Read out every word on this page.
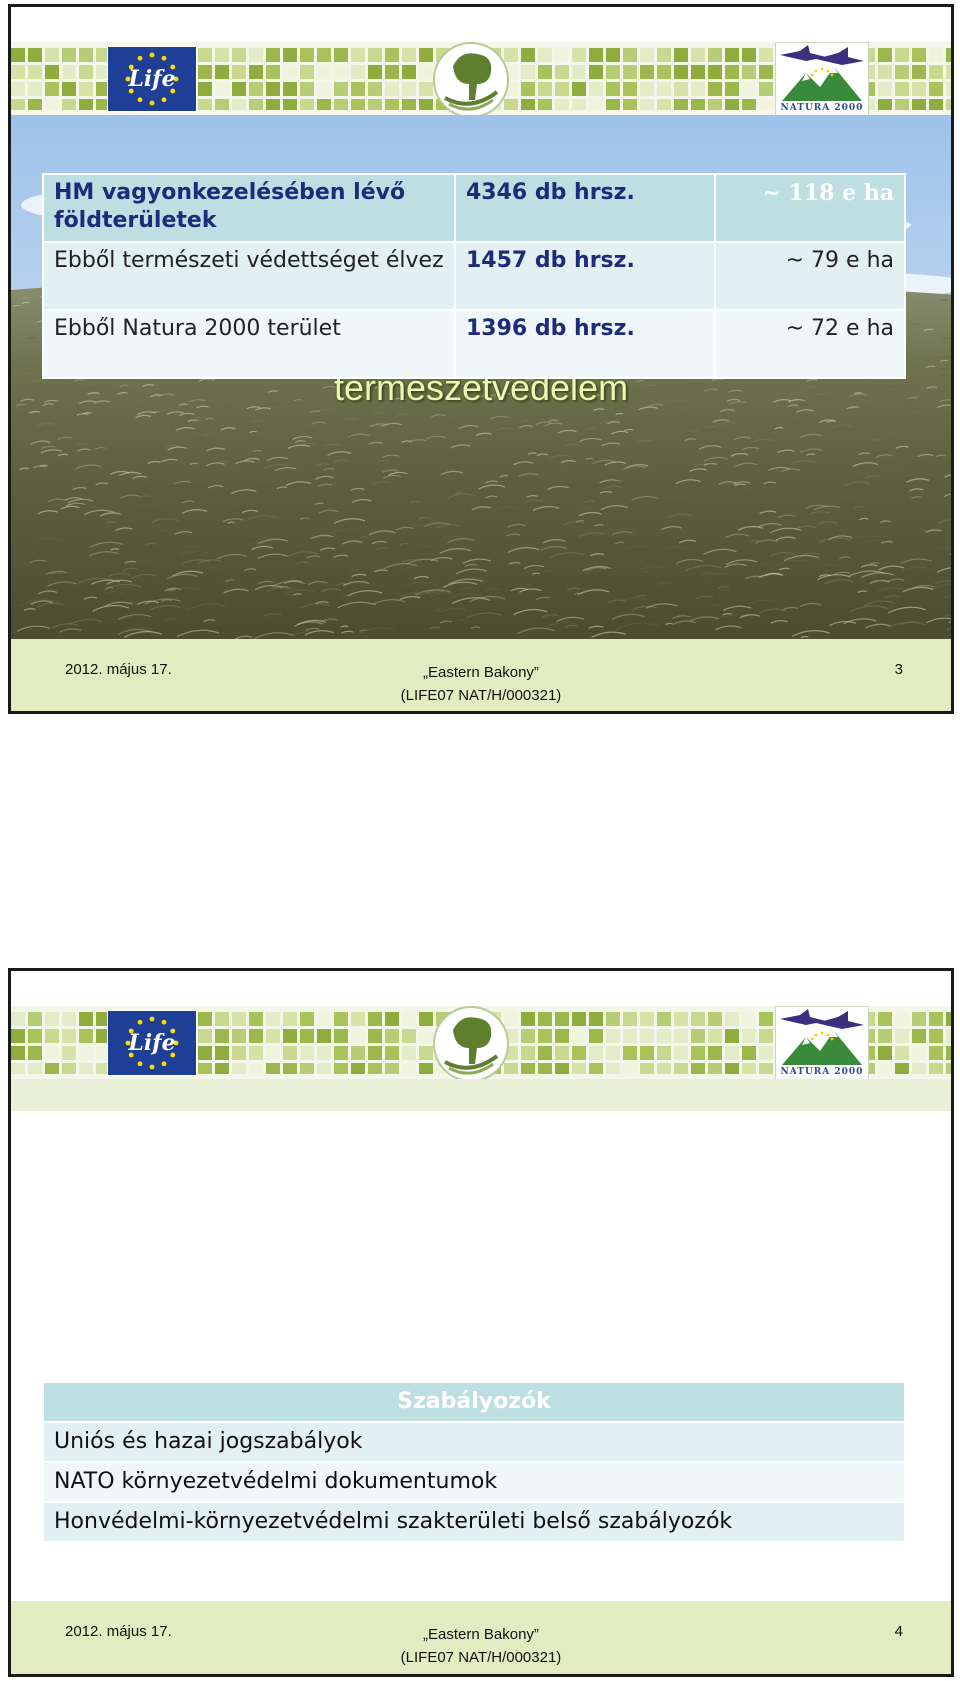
Life
NATURA 2000
I. Honvédelem – környezetvédelem –
természetvédelem
2012. május 17.	„Eastern Bakony”
(LIFE07 NAT/H/000321)
3
Life
NATURA 2000
2012. május 17.	„Eastern Bakony”
(LIFE07 NAT/H/000321)
4
HM vagyonkezelésében lévő földterületek	4346 db hrsz.	~ 118 e ha
Ebből természeti védettséget élvez	1457 db hrsz.	~ 79 e ha
Ebből Natura 2000 terület	1396 db hrsz.	~ 72 e ha
Szabályozók
Uniós és hazai jogszabályok
NATO környezetvédelmi dokumentumok
Honvédelmi-környezetvédelmi szakterületi belső szabályozók
